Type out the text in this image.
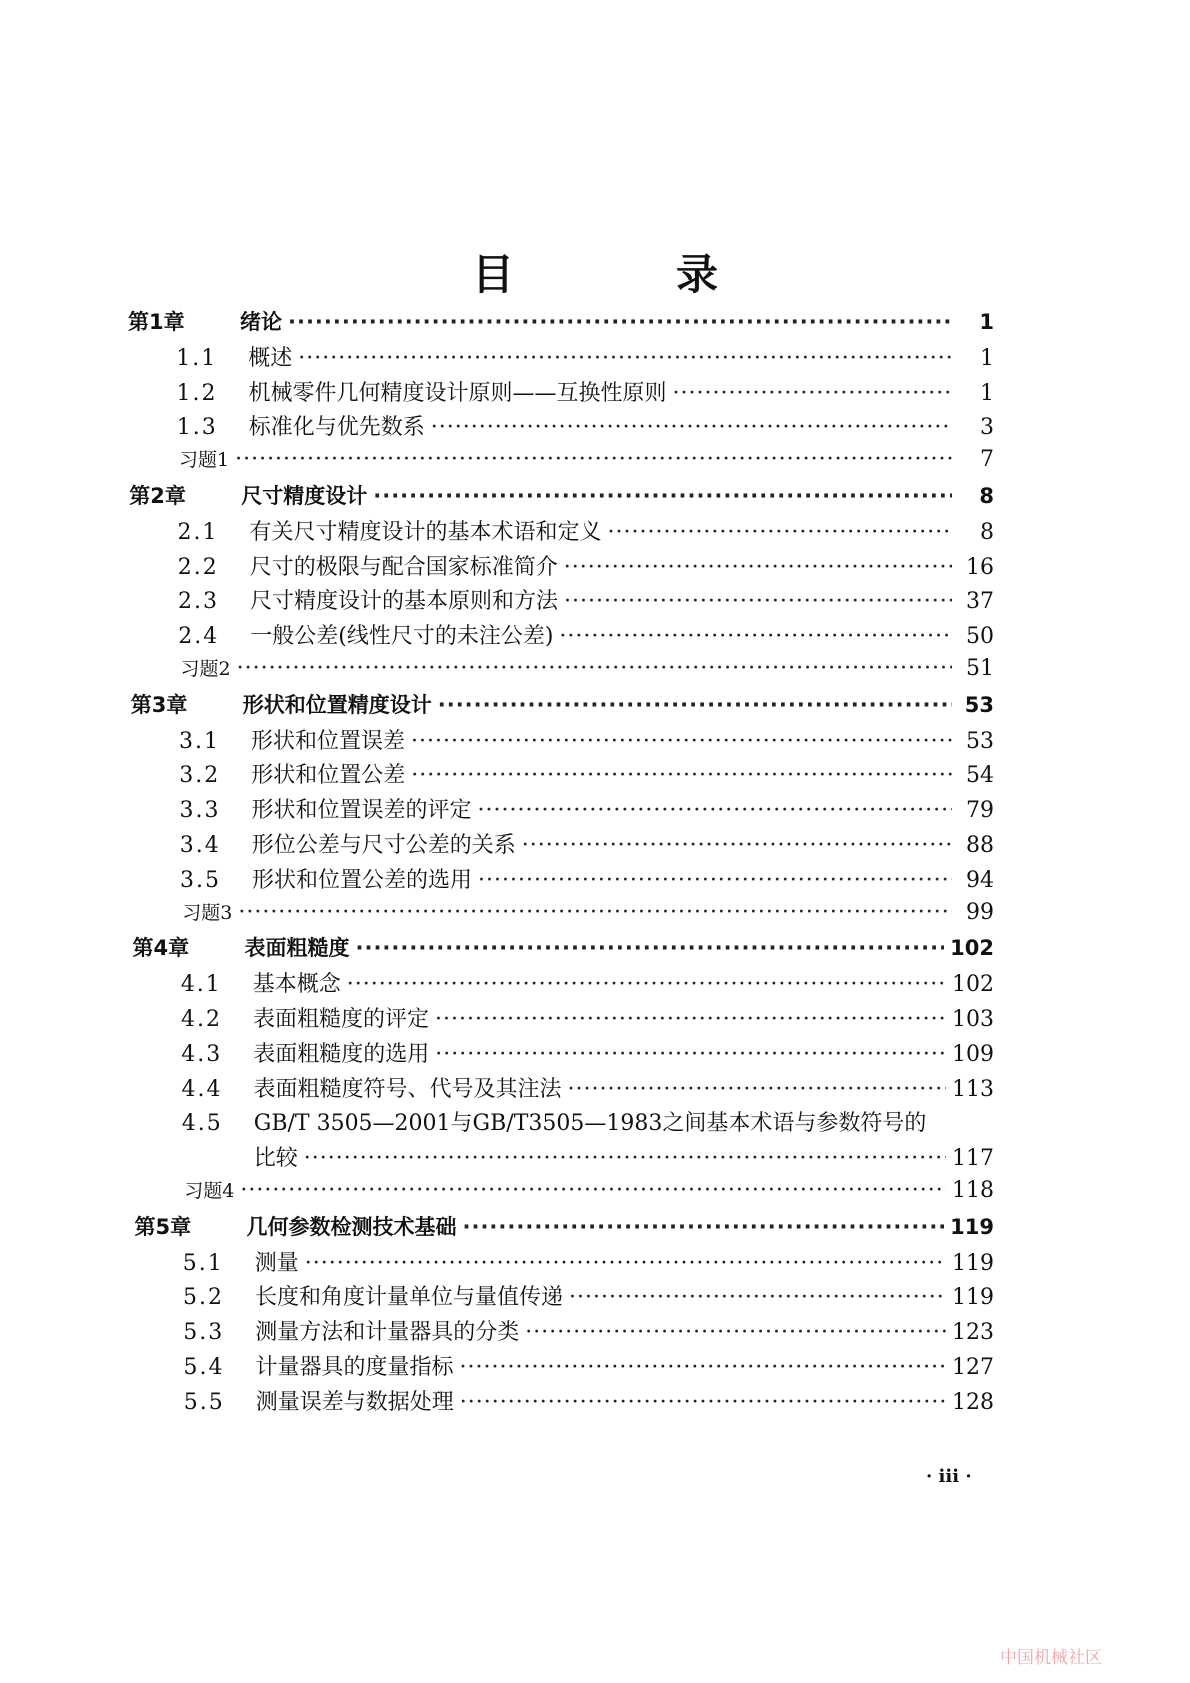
目　录
第1章	绪论 ·····	1
1.1	概述 ·····	1
1.2	机械零件几何精度设计原则——互换性原则 ·····	1
1.3	标准化与优先数系 ·····	3
习题1 ·····	7
第2章	尺寸精度设计 ·····	8
2.1	有关尺寸精度设计的基本术语和定义 ·····	8
2.2	尺寸的极限与配合国家标准简介 ·····	16
2.3	尺寸精度设计的基本原则和方法 ·····	37
2.4	一般公差(线性尺寸的未注公差) ·····	50
习题2 ·····	51
第3章	形状和位置精度设计 ·····	53
3.1	形状和位置误差 ·····	53
3.2	形状和位置公差 ·····	54
3.3	形状和位置误差的评定 ·····	79
3.4	形位公差与尺寸公差的关系 ·····	88
3.5	形状和位置公差的选用 ·····	94
习题3 ·····	99
第4章	表面粗糙度 ·····	102
4.1	基本概念 ·····	102
4.2	表面粗糙度的评定 ·····	103
4.3	表面粗糙度的选用 ·····	109
4.4	表面粗糙度符号、代号及其注法 ·····	113
4.5	GB/T 3505—2001与GB/T3505—1983之间基本术语与参数符号的
比较 ·····	117
习题4 ·····	118
第5章	几何参数检测技术基础 ·····	119
5.1	测量 ·····	119
5.2	长度和角度计量单位与量值传递 ·····	119
5.3	测量方法和计量器具的分类 ·····	123
5.4	计量器具的度量指标 ·····	127
5.5	测量误差与数据处理 ·····	128
· iii ·
中国机械社区
